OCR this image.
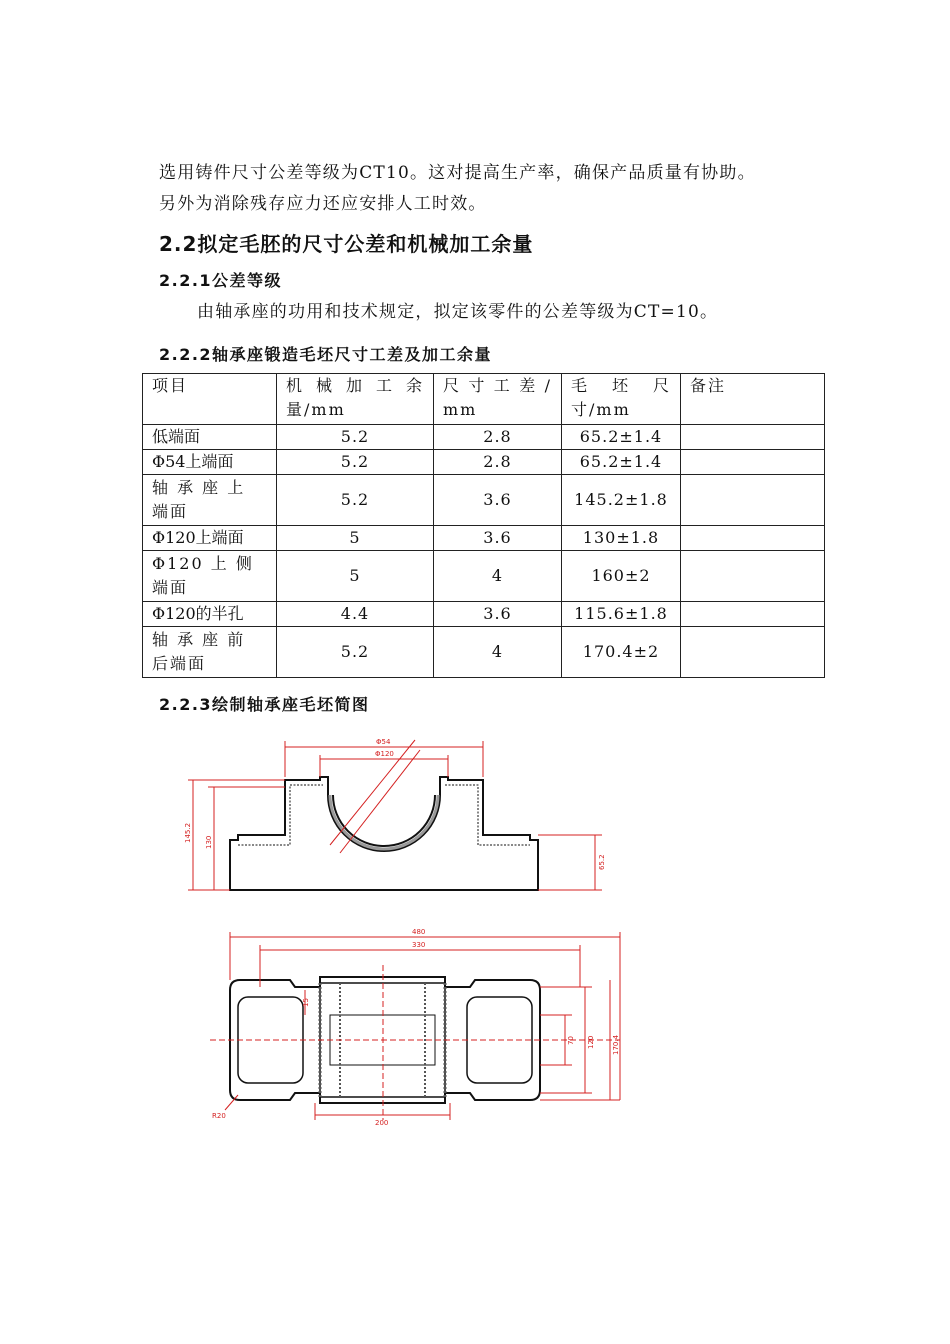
选用铸件尺寸公差等级为CT10。这对提高生产率，确保产品质量有协助。

另外为消除残存应力还应安排人工时效。

2.2拟定毛胚的尺寸公差和机械加工余量
2.2.1公差等级

由轴承座的功用和技术规定，拟定该零件的公差等级为CT=10。

2.2.2轴承座锻造毛坯尺寸工差及加工余量
项目	机 械 加 工 余量/mm	尺 寸 工 差 / mm	毛 坯 尺 寸/mm	备注
低端面	5.2	2.8	65.2±1.4	
Φ54上端面	5.2	2.8	65.2±1.4	
轴 承 座 上 端面	5.2	3.6	145.2±1.8	
Φ120上端面	5	3.6	130±1.8	
Φ120 上 侧 端面	5	4	160±2	
Φ120的半孔	4.4	3.6	115.6±1.8	
轴 承 座 前 后端面	5.2	4	170.4±2	
2.2.3绘制轴承座毛坯简图
Φ54
Φ120
145.2 130
65.2
480
330
200
70 120 170.4
R20
15
